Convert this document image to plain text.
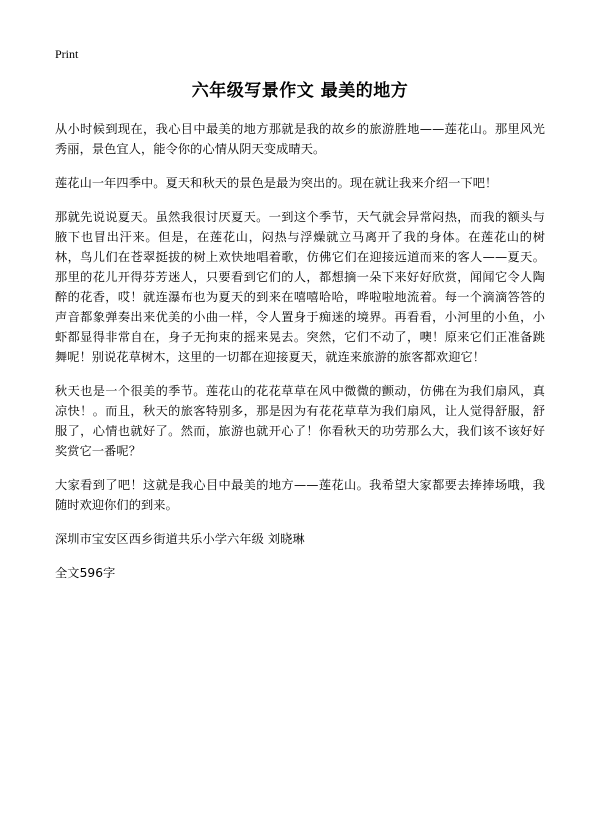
Print
六年级写景作文 最美的地方

从小时候到现在，我心目中最美的地方那就是我的故乡的旅游胜地——莲花山。那里风光秀丽，景色宜人，能令你的心情从阴天变成晴天。

莲花山一年四季中。夏天和秋天的景色是最为突出的。现在就让我来介绍一下吧！

那就先说说夏天。虽然我很讨厌夏天。一到这个季节，天气就会异常闷热，而我的额头与腋下也冒出汗来。但是，在莲花山，闷热与浮燥就立马离开了我的身体。在莲花山的树林，鸟儿们在苍翠挺拔的树上欢快地唱着歌，仿佛它们在迎接远道而来的客人——夏天。那里的花儿开得芬芳迷人，只要看到它们的人，都想摘一朵下来好好欣赏，闻闻它令人陶醉的花香，哎！就连瀑布也为夏天的到来在嘻嘻哈哈，哗啦啦地流着。每一个滴滴答答的声音都象弹奏出来优美的小曲一样，令人置身于痴迷的境界。再看看，小河里的小鱼，小虾都显得非常自在，身子无拘束的摇来晃去。突然，它们不动了，噢！原来它们正准备跳舞呢！别说花草树木，这里的一切都在迎接夏天，就连来旅游的旅客都欢迎它！

秋天也是一个很美的季节。莲花山的花花草草在风中微微的颤动，仿佛在为我们扇风，真凉快！。而且，秋天的旅客特别多，那是因为有花花草草为我们扇风，让人觉得舒服，舒服了，心情也就好了。然而，旅游也就开心了！你看秋天的功劳那么大，我们该不该好好奖赏它一番呢？

大家看到了吧！这就是我心目中最美的地方——莲花山。我希望大家都要去捧捧场哦，我随时欢迎你们的到来。

深圳市宝安区西乡街道共乐小学六年级 刘晓琳

全文596字
